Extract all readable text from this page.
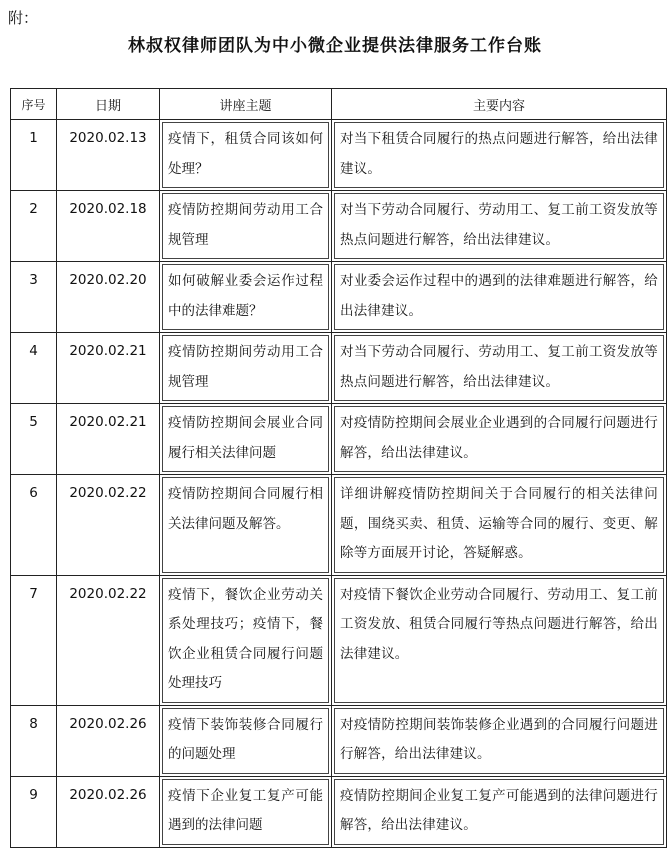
附：
林叔权律师团队为中小微企业提供法律服务工作台账
序号	日期	讲座主题	主要内容

1	2020.02.13	疫情下，租赁合同该如何处理？	对当下租赁合同履行的热点问题进行解答，给出法律建议。

2	2020.02.18	疫情防控期间劳动用工合规管理	对当下劳动合同履行、劳动用工、复工前工资发放等热点问题进行解答，给出法律建议。

3	2020.02.20	如何破解业委会运作过程中的法律难题？	对业委会运作过程中的遇到的法律难题进行解答，给出法律建议。

4	2020.02.21	疫情防控期间劳动用工合规管理	对当下劳动合同履行、劳动用工、复工前工资发放等热点问题进行解答，给出法律建议。

5	2020.02.21	疫情防控期间会展业合同履行相关法律问题	对疫情防控期间会展业企业遇到的合同履行问题进行解答，给出法律建议。

6	2020.02.22	疫情防控期间合同履行相关法律问题及解答。	详细讲解疫情防控期间关于合同履行的相关法律问题，围绕买卖、租赁、运输等合同的履行、变更、解除等方面展开讨论，答疑解惑。

7	2020.02.22	疫情下，餐饮企业劳动关系处理技巧；疫情下，餐饮企业租赁合同履行问题处理技巧	对疫情下餐饮企业劳动合同履行、劳动用工、复工前工资发放、租赁合同履行等热点问题进行解答，给出法律建议。

8	2020.02.26	疫情下装饰装修合同履行的问题处理	对疫情防控期间装饰装修企业遇到的合同履行问题进行解答，给出法律建议。

9	2020.02.26	疫情下企业复工复产可能遇到的法律问题	疫情防控期间企业复工复产可能遇到的法律问题进行解答，给出法律建议。
